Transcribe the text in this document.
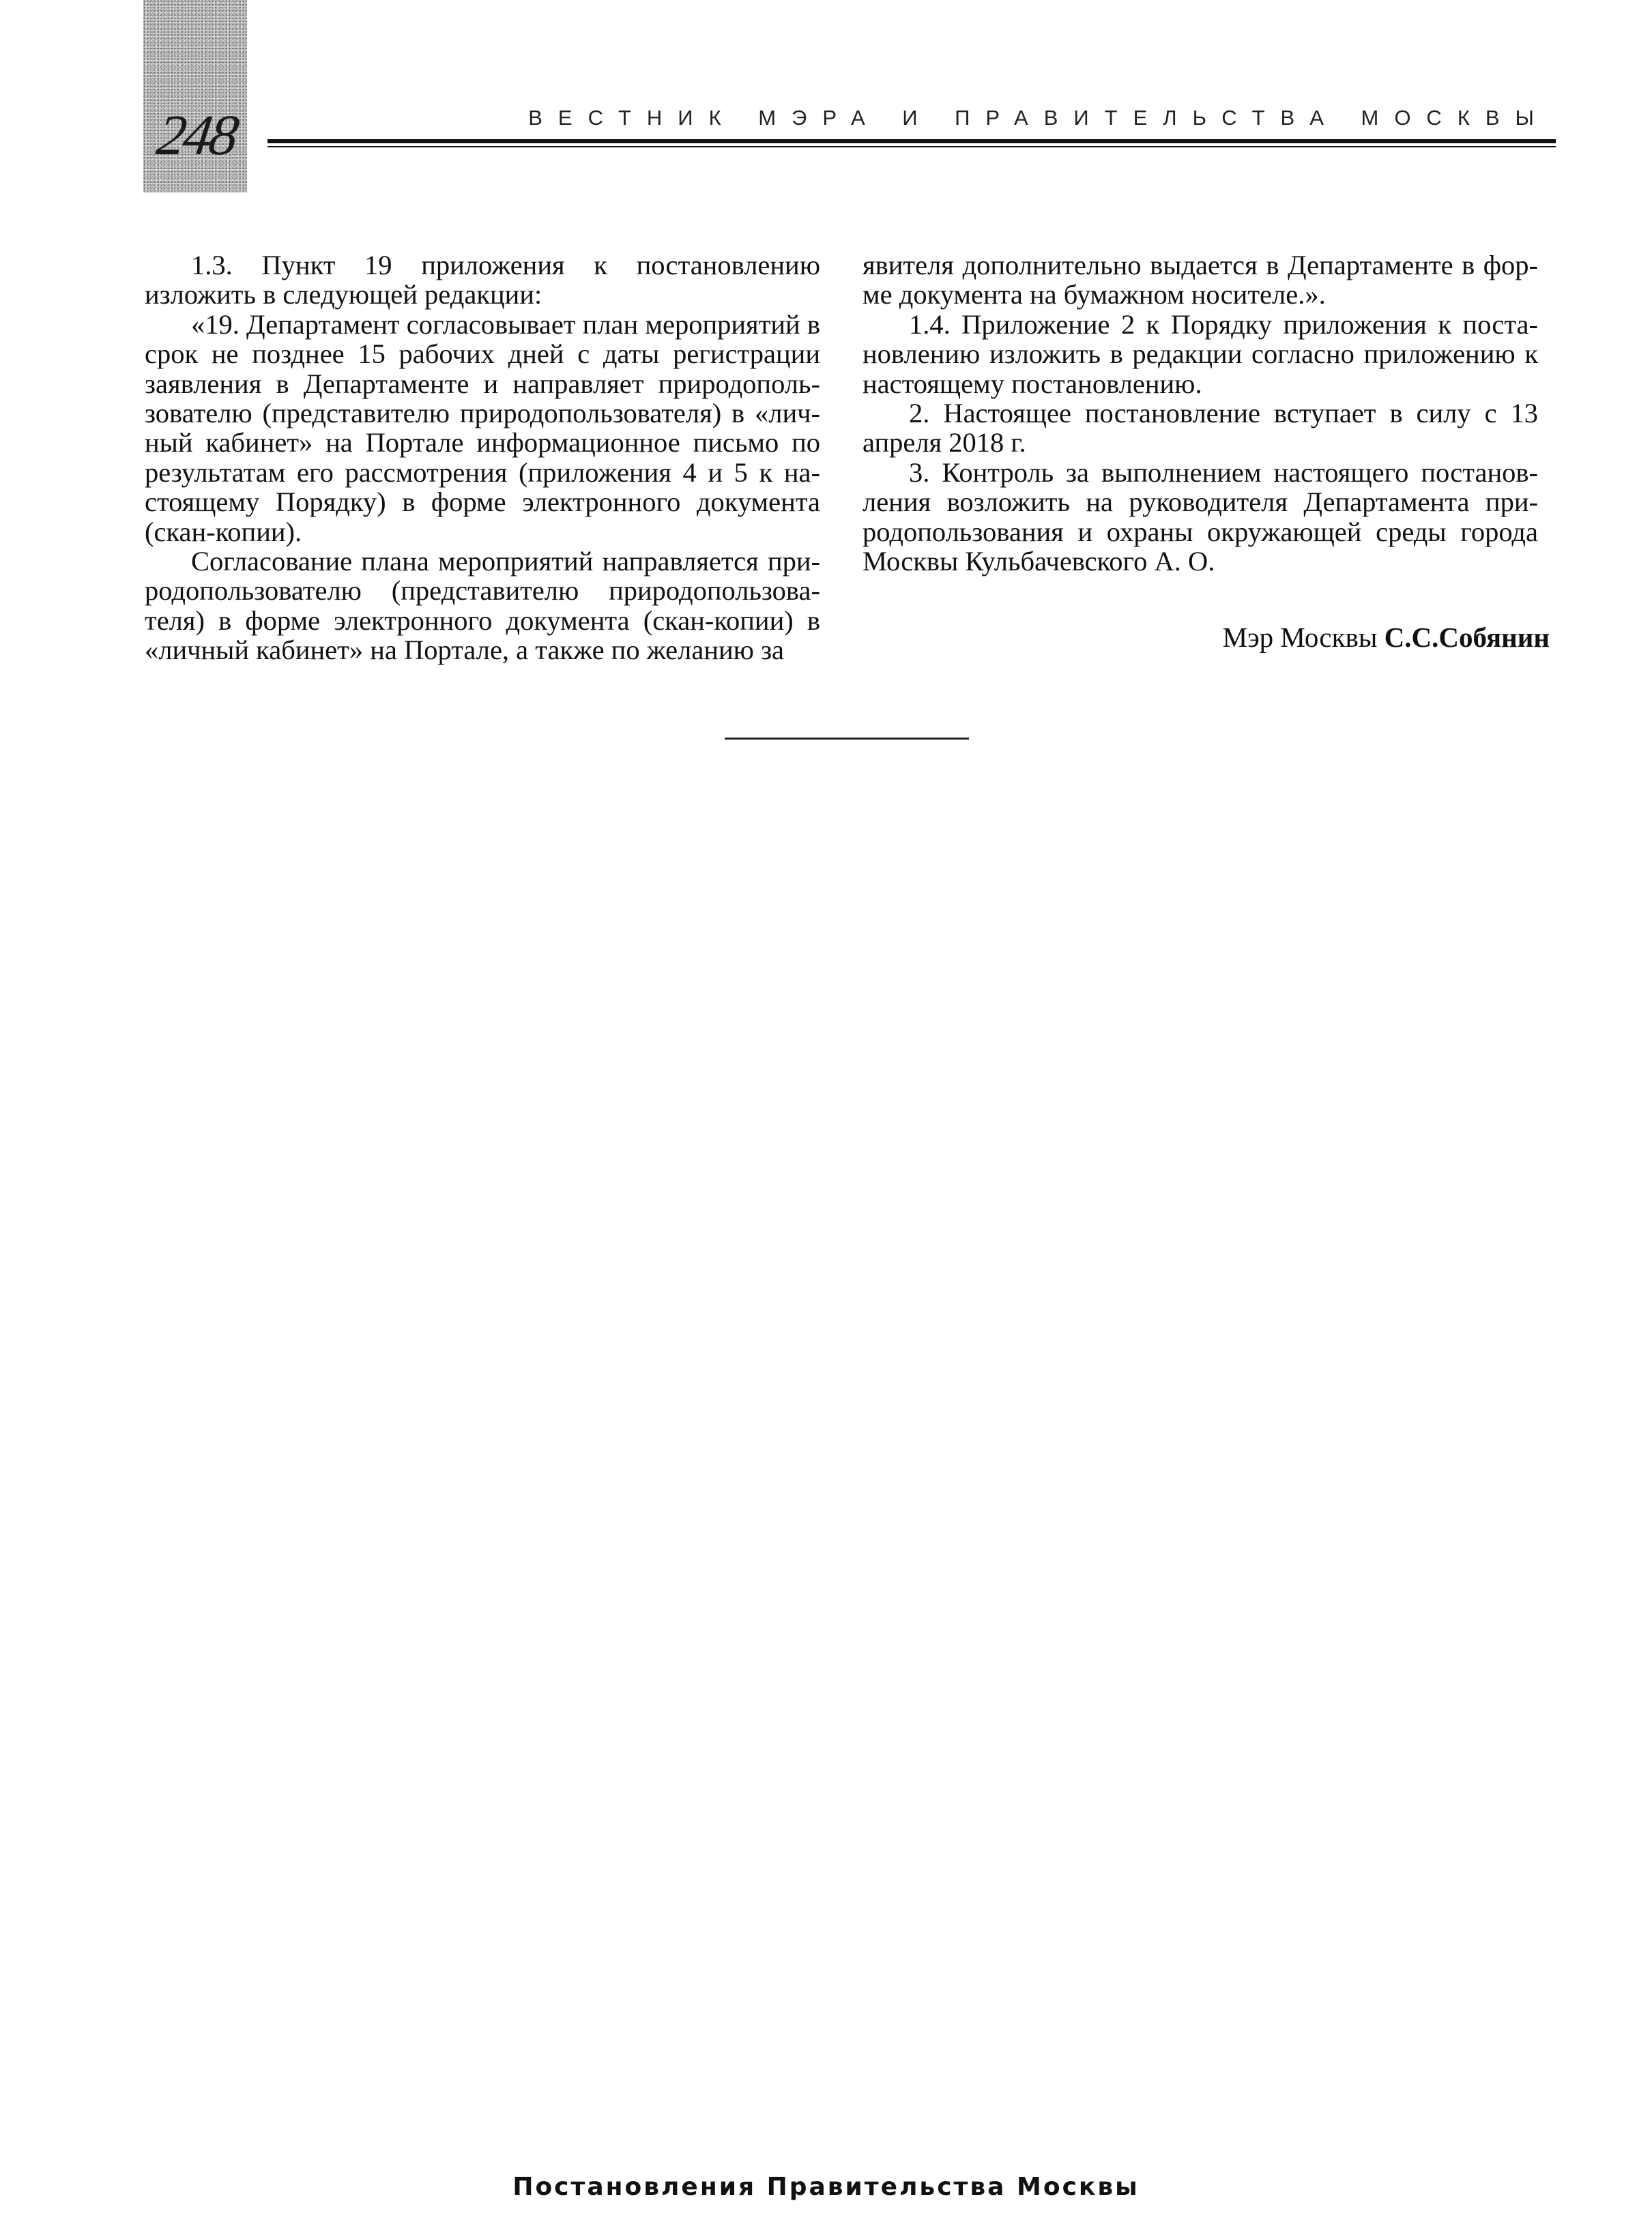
248	ВЕСТНИК МЭРА И ПРАВИТЕЛЬСТВА МОСКВЫ

1.3. Пункт 19 приложения к постановлению изложить в следующей редакции:

«19. Департамент согласовывает план мероприятий в срок не позднее 15 рабочих дней с даты регистрации заявления в Департаменте и направляет природопользователю (представителю природопользователя) в «личный кабинет» на Портале информационное письмо по результатам его рассмотрения (приложения 4 и 5 к настоящему Порядку) в форме электронного документа (скан-копии).

Согласование плана мероприятий направляется природопользователю (представителю природопользователя) в форме электронного документа (скан-копии) в «личный кабинет» на Портале, а также по желанию за

явителя дополнительно выдается в Департаменте в форме документа на бумажном носителе.».

1.4. Приложение 2 к Порядку приложения к постановлению изложить в редакции согласно приложению к настоящему постановлению.

2. Настоящее постановление вступает в силу с 13 апреля 2018 г.

3. Контроль за выполнением настоящего постановления возложить на руководителя Департамента природопользования и охраны окружающей среды города Москвы Кульбачевского А. О.

Мэр Москвы С.С.Собянин
Постановления Правительства Москвы
